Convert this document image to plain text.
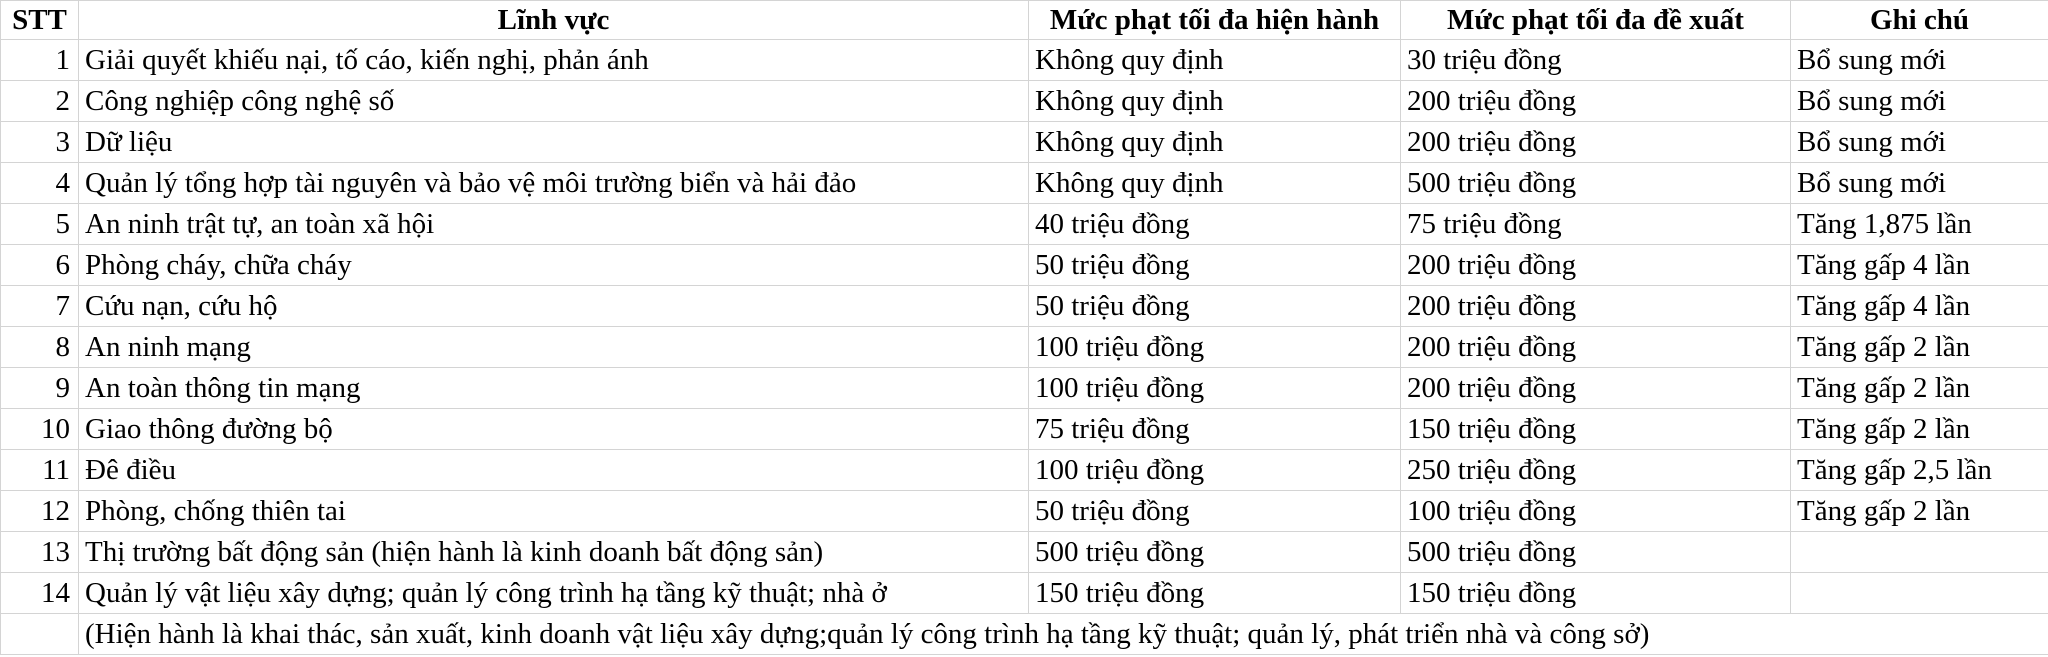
STT	Lĩnh vực	Mức phạt tối đa hiện hành	Mức phạt tối đa đề xuất	Ghi chú
1	Giải quyết khiếu nại, tố cáo, kiến nghị, phản ánh	Không quy định	30 triệu đồng	Bổ sung mới
2	Công nghiệp công nghệ số	Không quy định	200 triệu đồng	Bổ sung mới
3	Dữ liệu	Không quy định	200 triệu đồng	Bổ sung mới
4	Quản lý tổng hợp tài nguyên và bảo vệ môi trường biển và hải đảo	Không quy định	500 triệu đồng	Bổ sung mới
5	An ninh trật tự, an toàn xã hội	40 triệu đồng	75 triệu đồng	Tăng 1,875 lần
6	Phòng cháy, chữa cháy	50 triệu đồng	200 triệu đồng	Tăng gấp 4 lần
7	Cứu nạn, cứu hộ	50 triệu đồng	200 triệu đồng	Tăng gấp 4 lần
8	An ninh mạng	100 triệu đồng	200 triệu đồng	Tăng gấp 2 lần
9	An toàn thông tin mạng	100 triệu đồng	200 triệu đồng	Tăng gấp 2 lần
10	Giao thông đường bộ	75 triệu đồng	150 triệu đồng	Tăng gấp 2 lần
11	Đê điều	100 triệu đồng	250 triệu đồng	Tăng gấp 2,5 lần
12	Phòng, chống thiên tai	50 triệu đồng	100 triệu đồng	Tăng gấp 2 lần
13	Thị trường bất động sản (hiện hành là kinh doanh bất động sản)	500 triệu đồng	500 triệu đồng	
14	Quản lý vật liệu xây dựng; quản lý công trình hạ tầng kỹ thuật; nhà ở	150 triệu đồng	150 triệu đồng	
	(Hiện hành là khai thác, sản xuất, kinh doanh vật liệu xây dựng;quản lý công trình hạ tầng kỹ thuật; quản lý, phát triển nhà và công sở)			
